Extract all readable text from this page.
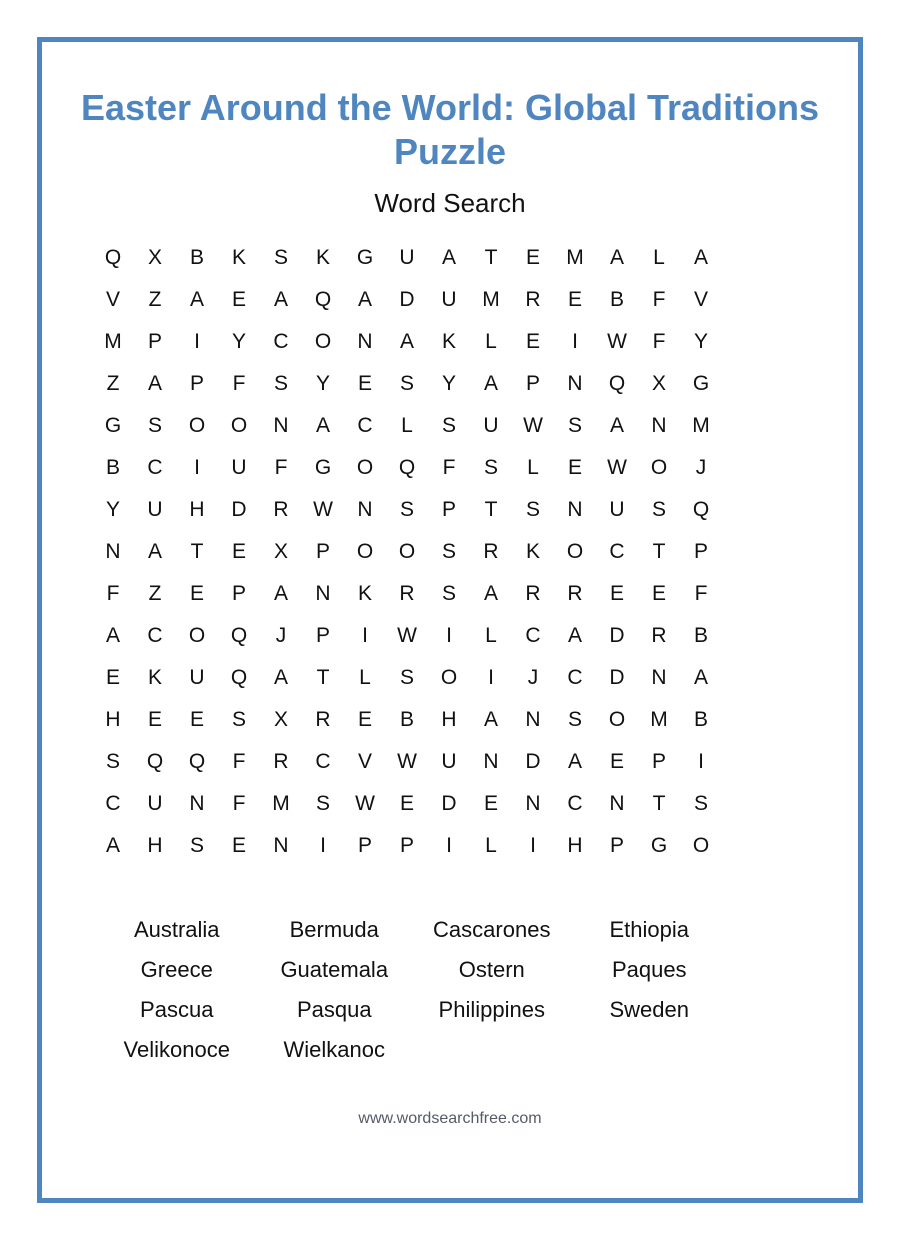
Easter Around the World: Global Traditions Puzzle
Word Search
Q	X	B	K	S	K	G	U	A	T	E	M	A	L	A
V	Z	A	E	A	Q	A	D	U	M	R	E	B	F	V
M	P	I	Y	C	O	N	A	K	L	E	I	W	F	Y
Z	A	P	F	S	Y	E	S	Y	A	P	N	Q	X	G
G	S	O	O	N	A	C	L	S	U	W	S	A	N	M
B	C	I	U	F	G	O	Q	F	S	L	E	W	O	J
Y	U	H	D	R	W	N	S	P	T	S	N	U	S	Q
N	A	T	E	X	P	O	O	S	R	K	O	C	T	P
F	Z	E	P	A	N	K	R	S	A	R	R	E	E	F
A	C	O	Q	J	P	I	W	I	L	C	A	D	R	B
E	K	U	Q	A	T	L	S	O	I	J	C	D	N	A
H	E	E	S	X	R	E	B	H	A	N	S	O	M	B
S	Q	Q	F	R	C	V	W	U	N	D	A	E	P	I
C	U	N	F	M	S	W	E	D	E	N	C	N	T	S
A	H	S	E	N	I	P	P	I	L	I	H	P	G	O
Australia	Bermuda	Cascarones	Ethiopia
Greece	Guatemala	Ostern	Paques
Pascua	Pasqua	Philippines	Sweden
Velikonoce	Wielkanoc
www.wordsearchfree.com
